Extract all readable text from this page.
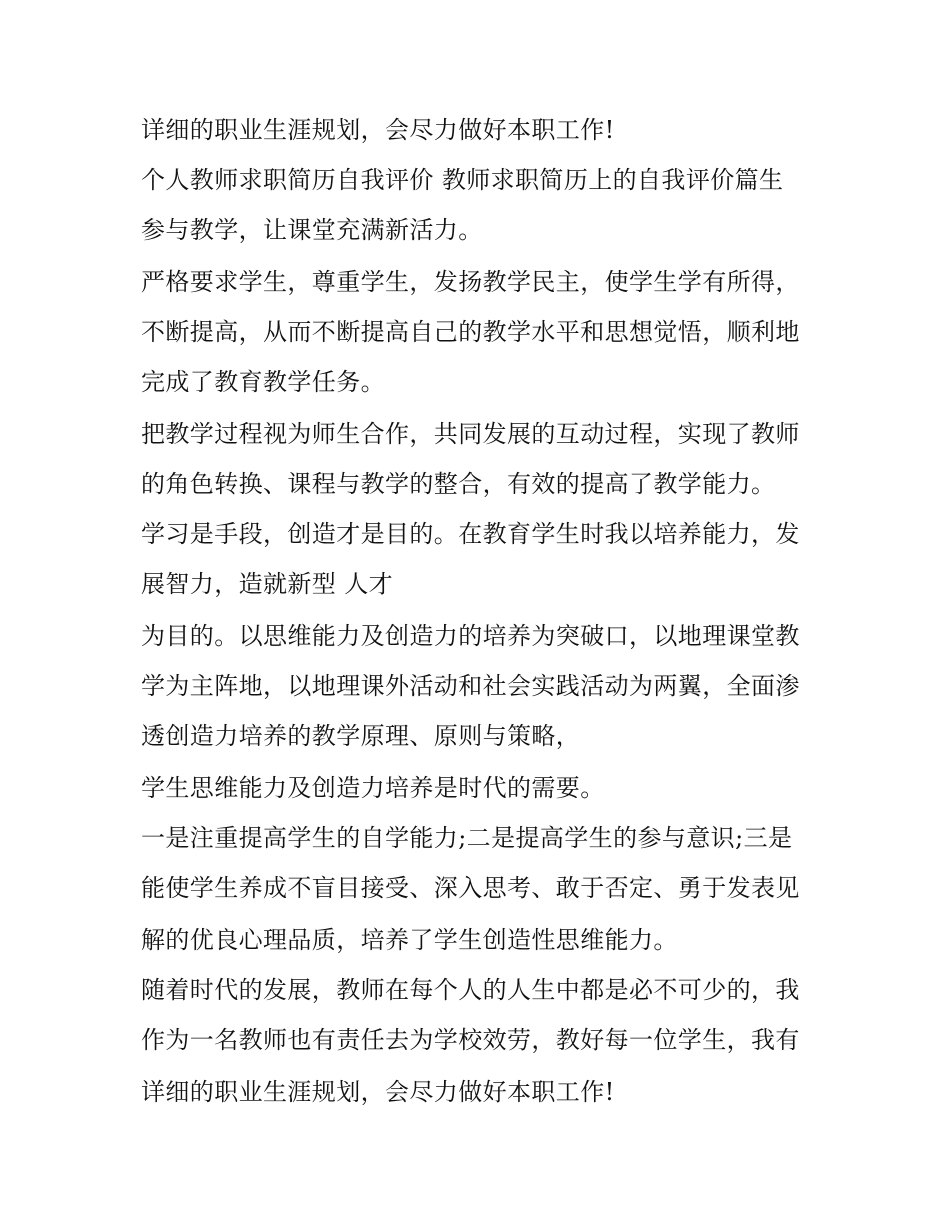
详细的职业生涯规划，会尽力做好本职工作!
个人教师求职简历自我评价 教师求职简历上的自我评价篇生
参与教学，让课堂充满新活力。
严格要求学生，尊重学生，发扬教学民主，使学生学有所得，
不断提高，从而不断提高自己的教学水平和思想觉悟，顺利地
完成了教育教学任务。
把教学过程视为师生合作，共同发展的互动过程，实现了教师
的角色转换、课程与教学的整合，有效的提高了教学能力。
学习是手段，创造才是目的。在教育学生时我以培养能力，发
展智力，造就新型 人才
为目的。以思维能力及创造力的培养为突破口，以地理课堂教
学为主阵地，以地理课外活动和社会实践活动为两翼，全面渗
透创造力培养的教学原理、原则与策略，
学生思维能力及创造力培养是时代的需要。
一是注重提高学生的自学能力;二是提高学生的参与意识;三是
能使学生养成不盲目接受、深入思考、敢于否定、勇于发表见
解的优良心理品质，培养了学生创造性思维能力。
随着时代的发展，教师在每个人的人生中都是必不可少的，我
作为一名教师也有责任去为学校效劳，教好每一位学生，我有
详细的职业生涯规划，会尽力做好本职工作!
